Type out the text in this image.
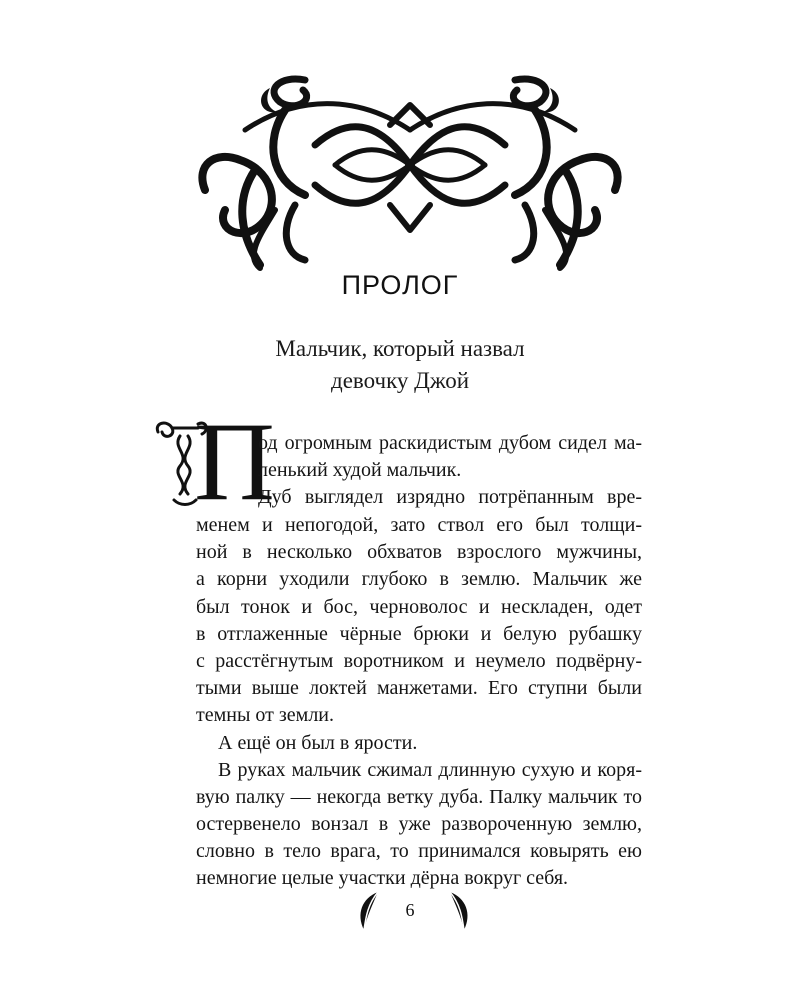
ПРОЛОГ
Мальчик, который назвал
девочку Джой
П
од огромным раскидистым дубом сидел ма-
ленький худой мальчик.
Дуб выглядел изрядно потрёпанным вре-
менем и непогодой, зато ствол его был толщи-
ной в несколько обхватов взрослого мужчины,
а корни уходили глубоко в землю. Мальчик же
был тонок и бос, черноволос и нескладен, одет
в отглаженные чёрные брюки и белую рубашку
с расстёгнутым воротником и неумело подвёрну-
тыми выше локтей манжетами. Его ступни были
темны от земли.
А ещё он был в ярости.
В руках мальчик сжимал длинную сухую и коря-
вую палку — некогда ветку дуба. Палку мальчик то
остервенело вонзал в уже развороченную землю,
словно в тело врага, то принимался ковырять ею
немногие целые участки дёрна вокруг себя.
6
